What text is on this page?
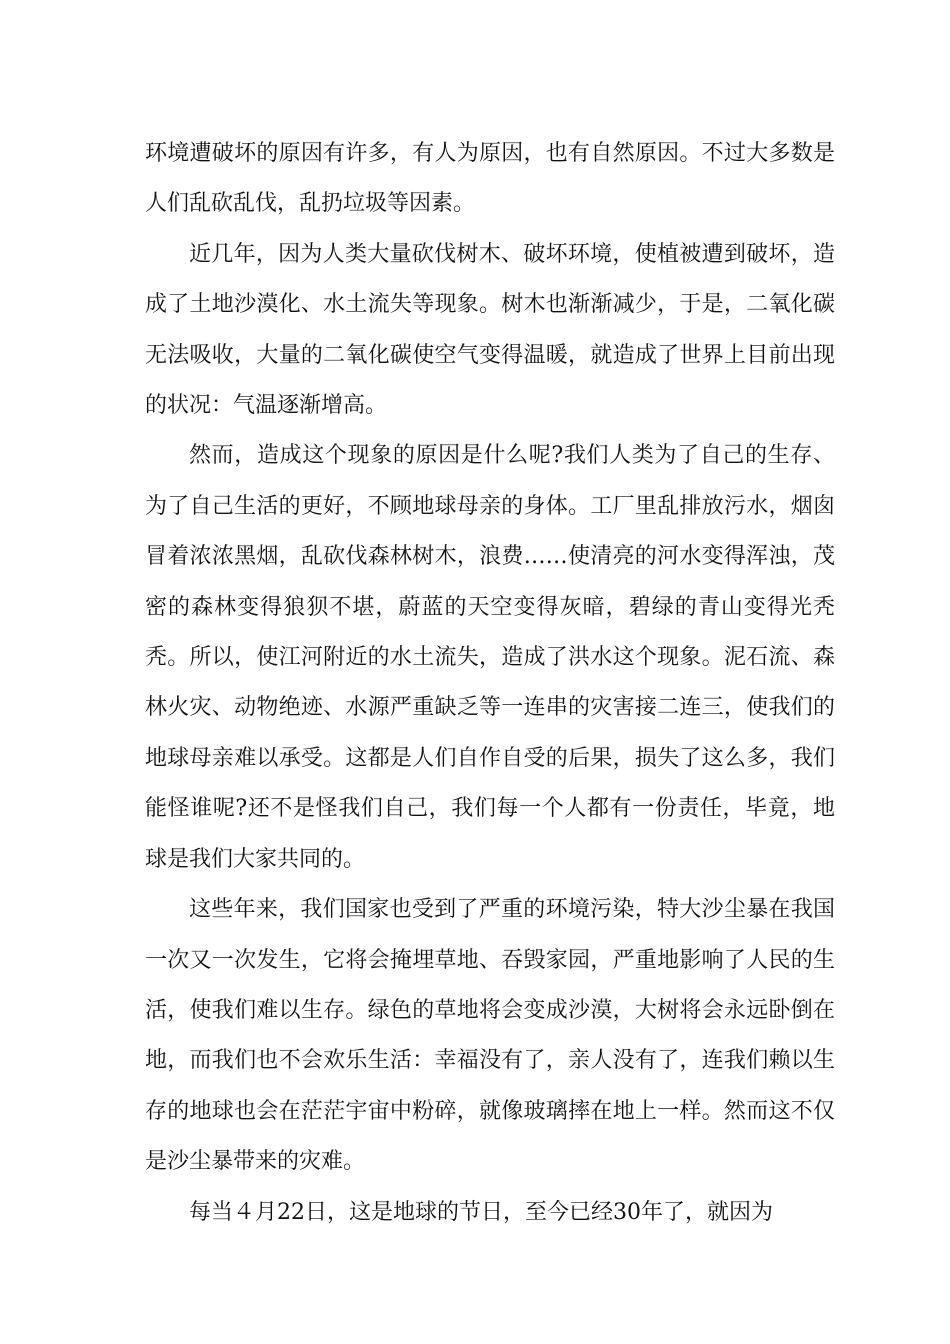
环境遭破坏的原因有许多，有人为原因，也有自然原因。不过大多数是人们乱砍乱伐，乱扔垃圾等因素。

近几年，因为人类大量砍伐树木、破坏环境，使植被遭到破坏，造成了土地沙漠化、水土流失等现象。树木也渐渐减少，于是，二氧化碳无法吸收，大量的二氧化碳使空气变得温暖，就造成了世界上目前出现的状况：气温逐渐增高。

然而，造成这个现象的原因是什么呢?我们人类为了自己的生存、为了自己生活的更好，不顾地球母亲的身体。工厂里乱排放污水，烟囱冒着浓浓黑烟，乱砍伐森林树木，浪费……使清亮的河水变得浑浊，茂密的森林变得狼狈不堪，蔚蓝的天空变得灰暗，碧绿的青山变得光秃秃。所以，使江河附近的水土流失，造成了洪水这个现象。泥石流、森林火灾、动物绝迹、水源严重缺乏等一连串的灾害接二连三，使我们的地球母亲难以承受。这都是人们自作自受的后果，损失了这么多，我们能怪谁呢?还不是怪我们自己，我们每一个人都有一份责任，毕竟，地球是我们大家共同的。

这些年来，我们国家也受到了严重的环境污染，特大沙尘暴在我国一次又一次发生，它将会掩埋草地、吞毁家园，严重地影响了人民的生活，使我们难以生存。绿色的草地将会变成沙漠，大树将会永远卧倒在地，而我们也不会欢乐生活：幸福没有了，亲人没有了，连我们赖以生存的地球也会在茫茫宇宙中粉碎，就像玻璃摔在地上一样。然而这不仅是沙尘暴带来的灾难。

每当４月22日，这是地球的节日，至今已经30年了，就因为
